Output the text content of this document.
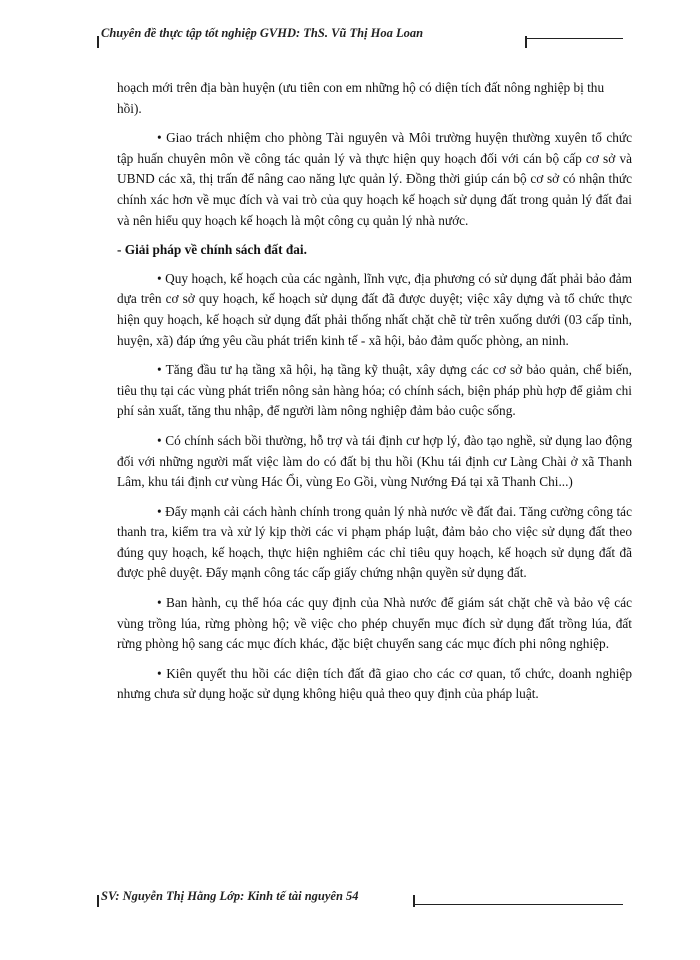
Chuyên đề thực tập tốt nghiệp GVHD: ThS. Vũ Thị Hoa Loan

hoạch mới trên địa bàn huyện (ưu tiên con em những hộ có diện tích đất nông nghiệp bị thu hồi).

• Giao trách nhiệm cho phòng Tài nguyên và Môi trường huyện thường xuyên tổ chức tập huấn chuyên môn về công tác quản lý và thực hiện quy hoạch đối với cán bộ cấp cơ sở và UBND các xã, thị trấn để nâng cao năng lực quản lý. Đồng thời giúp cán bộ cơ sở có nhận thức chính xác hơn về mục đích và vai trò của quy hoạch kế hoạch sử dụng đất trong quản lý đất đai và nên hiểu quy hoạch kế hoạch là một công cụ quản lý nhà nước.

- Giải pháp về chính sách đất đai.

• Quy hoạch, kế hoạch của các ngành, lĩnh vực, địa phương có sử dụng đất phải bảo đảm dựa trên cơ sở quy hoạch, kế hoạch sử dụng đất đã được duyệt; việc xây dựng và tổ chức thực hiện quy hoạch, kế hoạch sử dụng đất phải thống nhất chặt chẽ từ trên xuống dưới (03 cấp tỉnh, huyện, xã) đáp ứng yêu cầu phát triển kinh tế - xã hội, bảo đảm quốc phòng, an ninh.

• Tăng đầu tư hạ tầng xã hội, hạ tầng kỹ thuật, xây dựng các cơ sở bảo quản, chế biến, tiêu thụ tại các vùng phát triển nông sản hàng hóa; có chính sách, biện pháp phù hợp để giảm chi phí sản xuất, tăng thu nhập, để người làm nông nghiệp đảm bảo cuộc sống.

• Có chính sách bồi thường, hỗ trợ và tái định cư hợp lý, đào tạo nghề, sử dụng lao động đối với những người mất việc làm do có đất bị thu hồi (Khu tái định cư Làng Chài ở xã Thanh Lâm, khu tái định cư vùng Hác Ổi, vùng Eo Gồi, vùng Nướng Đá tại xã Thanh Chi...)

• Đẩy mạnh cải cách hành chính trong quản lý nhà nước về đất đai. Tăng cường công tác thanh tra, kiểm tra và xử lý kịp thời các vi phạm pháp luật, đảm bảo cho việc sử dụng đất theo đúng quy hoạch, kế hoạch, thực hiện nghiêm các chỉ tiêu quy hoạch, kế hoạch sử dụng đất đã được phê duyệt. Đẩy mạnh công tác cấp giấy chứng nhận quyền sử dụng đất.

• Ban hành, cụ thể hóa các quy định của Nhà nước để giám sát chặt chẽ và bảo vệ các vùng trồng lúa, rừng phòng hộ; về việc cho phép chuyển mục đích sử dụng đất trồng lúa, đất rừng phòng hộ sang các mục đích khác, đặc biệt chuyển sang các mục đích phi nông nghiệp.

• Kiên quyết thu hồi các diện tích đất đã giao cho các cơ quan, tổ chức, doanh nghiệp nhưng chưa sử dụng hoặc sử dụng không hiệu quả theo quy định của pháp luật.

SV: Nguyễn Thị Hằng Lớp: Kinh tế tài nguyên 54
